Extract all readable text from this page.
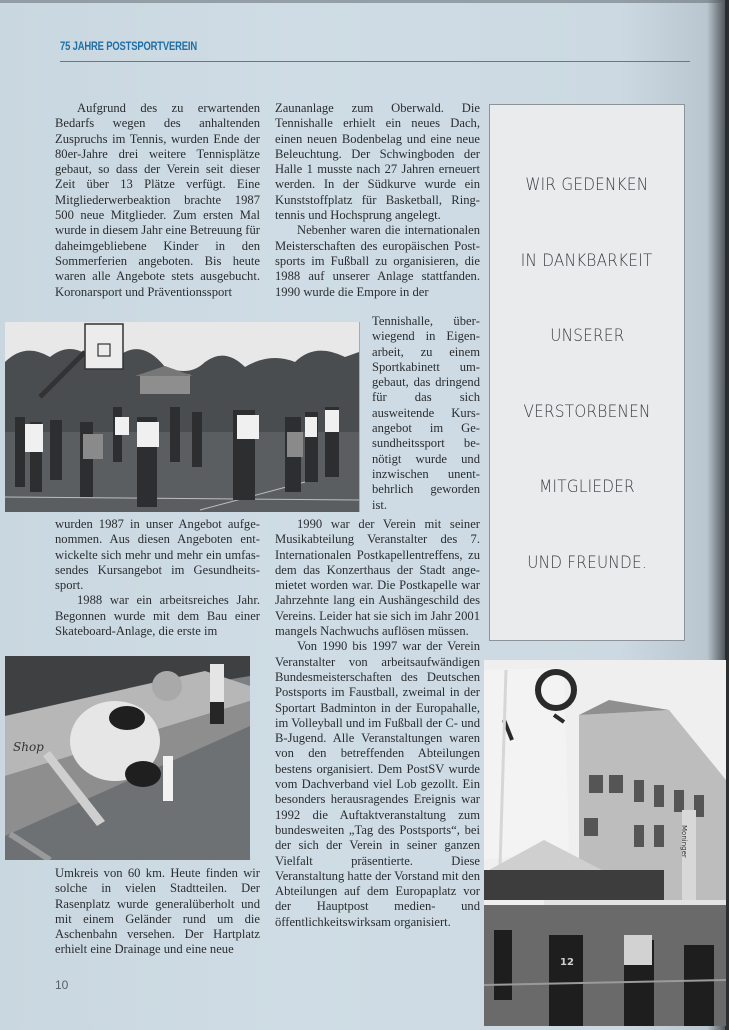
75 JAHRE POSTSPORTVEREIN

Aufgrund des zu erwartenden Bedarfs wegen des anhaltenden Zuspruchs im Tennis, wurden Ende der 80er-Jahre drei weitere Tennisplätze gebaut, so dass der Verein seit dieser Zeit über 13 Plätze verfügt. Eine Mitgliederwerbeaktion brachte 1987 500 neue Mitglieder. Zum ersten Mal wurde in diesem Jahr eine Betreuung für daheimgebliebene Kinder in den Sommerferien angeboten. Bis heute waren alle Angebote stets ausgebucht. Koronarsport und Präventionssport

Zaunanlage zum Oberwald. Die Tennishalle erhielt ein neues Dach, einen neuen Bodenbelag und eine neue Beleuchtung. Der Schwingboden der Halle 1 musste nach 27 Jahren erneuert werden. In der Südkurve wurde ein Kunststoffplatz für Basketball, Ringtennis und Hochsprung angelegt.

Nebenher waren die internationalen Meisterschaften des europäischen Postsports im Fußball zu organisieren, die 1988 auf unserer Anlage stattfanden. 1990 wurde die Empore in der

Tennishalle, überwiegend in Eigenarbeit, zu einem Sportkabinett umgebaut, das dringend für das sich ausweitende Kursangebot im Gesundheitssport benötigt wurde und inzwischen unentbehrlich geworden ist.

wurden 1987 in unser Angebot aufgenommen. Aus diesen Angeboten entwickelte sich mehr und mehr ein umfassendes Kursangebot im Gesundheitssport.

1988 war ein arbeitsreiches Jahr. Begonnen wurde mit dem Bau einer Skateboard-Anlage, die erste im

1990 war der Verein mit seiner Musikabteilung Veranstalter des 7. Internationalen Postkapellentreffens, zu dem das Konzerthaus der Stadt angemietet worden war. Die Postkapelle war Jahrzehnte lang ein Aushängeschild des Vereins. Leider hat sie sich im Jahr 2001 mangels Nachwuchs auflösen müssen.

Von 1990 bis 1997 war der Verein Veranstalter von arbeitsaufwändigen Bundesmeisterschaften des Deutschen Postsports im Faustball, zweimal in der Sportart Badminton in der Europahalle, im Volleyball und im Fußball der C- und B-Jugend. Alle Veranstaltungen waren von den betreffenden Abteilungen bestens organisiert. Dem PostSV wurde vom Dachverband viel Lob gezollt. Ein besonders herausragendes Ereignis war 1992 die Auftaktveranstaltung zum bundesweiten „Tag des Postsports“, bei der sich der Verein in seiner ganzen Vielfalt präsentierte. Diese Veranstaltung hatte der Vorstand mit den Abteilungen auf dem Europaplatz vor der Hauptpost medien- und öffentlichkeitswirksam organisiert.

Shop

Umkreis von 60 km. Heute finden wir solche in vielen Stadtteilen. Der Rasenplatz wurde generalüberholt und mit einem Geländer rund um die Aschenbahn versehen. Der Hartplatz erhielt eine Drainage und eine neue

WIR GEDENKEN
IN DANKBARKEIT
UNSERER
VERSTORBENEN
MITGLIEDER
UND FREUNDE.
Moninger
12
10
